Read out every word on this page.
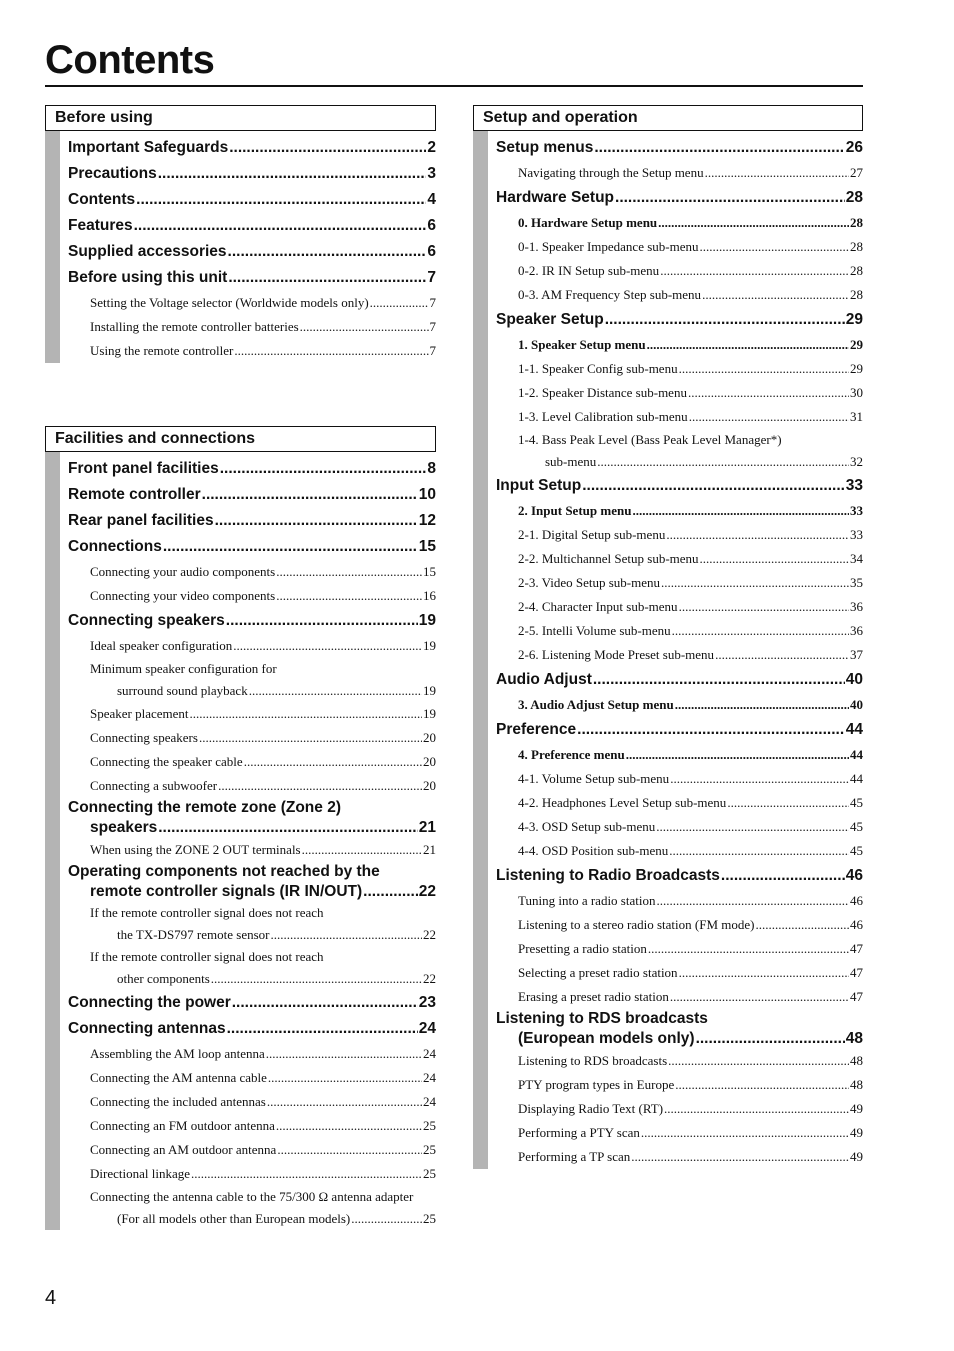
Contents
Before using
Important Safeguards .....	2
Precautions .....	3
Contents .....	4
Features .....	6
Supplied accessories .....	6
Before using this unit .....	7
Setting the Voltage selector (Worldwide models only) .....	7
Installing the remote controller batteries .....	7
Using the remote controller .....	7
Facilities and connections
Front panel facilities .....	8
Remote controller .....	10
Rear panel facilities .....	12
Connections .....	15
Connecting your audio components .....	15
Connecting your video components .....	16
Connecting speakers .....	19
Ideal speaker configuration .....	19
Minimum speaker configuration for
surround sound playback .....	19
Speaker placement .....	19
Connecting speakers .....	20
Connecting the speaker cable .....	20
Connecting a subwoofer .....	20
Connecting the remote zone (Zone 2)
speakers .....	21
When using the ZONE 2 OUT terminals .....	21
Operating components not reached by the
remote controller signals (IR IN/OUT) .....	22
If the remote controller signal does not reach
the TX-DS797 remote sensor .....	22
If the remote controller signal does not reach
other components .....	22
Connecting the power .....	23
Connecting antennas .....	24
Assembling the AM loop antenna .....	24
Connecting the AM antenna cable .....	24
Connecting the included antennas .....	24
Connecting an FM outdoor antenna .....	25
Connecting an AM outdoor antenna .....	25
Directional linkage .....	25
Connecting the antenna cable to the 75/300 Ω antenna adapter
(For all models other than European models) .....	25
Setup and operation
Setup menus .....	26
Navigating through the Setup menu .....	27
Hardware Setup .....	28
0. Hardware Setup menu .....	28
0-1. Speaker Impedance sub-menu .....	28
0-2. IR IN Setup sub-menu .....	28
0-3. AM Frequency Step sub-menu .....	28
Speaker Setup .....	29
1. Speaker Setup menu .....	29
1-1. Speaker Config sub-menu .....	29
1-2. Speaker Distance sub-menu .....	30
1-3. Level Calibration sub-menu .....	31
1-4. Bass Peak Level (Bass Peak Level Manager*)
sub-menu .....	32
Input Setup .....	33
2. Input Setup menu .....	33
2-1. Digital Setup sub-menu .....	33
2-2. Multichannel Setup sub-menu .....	34
2-3. Video Setup sub-menu .....	35
2-4. Character Input sub-menu .....	36
2-5. Intelli Volume sub-menu .....	36
2-6. Listening Mode Preset sub-menu .....	37
Audio Adjust .....	40
3. Audio Adjust Setup menu .....	40
Preference .....	44
4. Preference menu .....	44
4-1. Volume Setup sub-menu .....	44
4-2. Headphones Level Setup sub-menu .....	45
4-3. OSD Setup sub-menu .....	45
4-4. OSD Position sub-menu .....	45
Listening to Radio Broadcasts .....	46
Tuning into a radio station .....	46
Listening to a stereo radio station (FM mode) .....	46
Presetting a radio station .....	47
Selecting a preset radio station .....	47
Erasing a preset radio station .....	47
Listening to RDS broadcasts
(European models only) .....	48
Listening to RDS broadcasts .....	48
PTY program types in Europe .....	48
Displaying Radio Text (RT) .....	49
Performing a PTY scan .....	49
Performing a TP scan .....	49
4
